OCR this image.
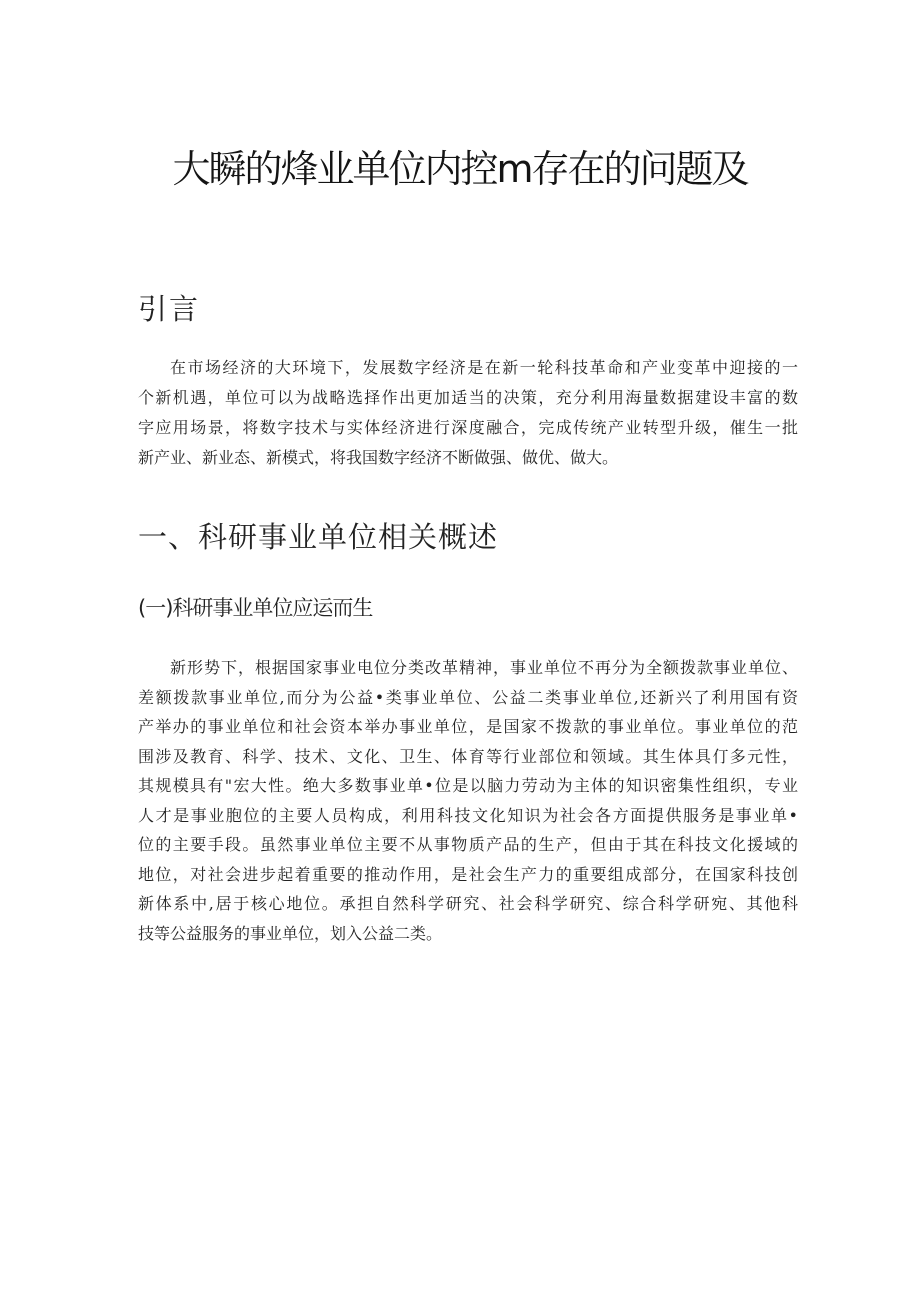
大瞬的烽业单位内控m存在的问题及
引言
在市场经济的大环境下，发展数字经济是在新一轮科技革命和产业变革中迎接的一
个新机遇，单位可以为战略选择作出更加适当的决策，充分利用海量数据建设丰富的数
字应用场景，将数字技术与实体经济进行深度融合，完成传统产业转型升级，催生一批
新产业、新业态、新模式，将我国数字经济不断做强、做优、做大。
一、科研事业单位相关概述
(一)科研事业单位应运而生
新形势下，根据国家事业电位分类改革精神，事业单位不再分为全额拨款事业单位、
差额拨款事业单位,而分为公益•类事业单位、公益二类事业单位,还新兴了利用国有资
产举办的事业单位和社会资本举办事业单位，是国家不拨款的事业单位。事业单位的范
围涉及教育、科学、技术、文化、卫生、体育等行业部位和领域。其生体具仃多元性，
其规模具有"宏大性。绝大多数事业单•位是以脑力劳动为主体的知识密集性组织，专业
人才是事业胞位的主要人员构成，利用科技文化知识为社会各方面提供服务是事业单•
位的主要手段。虽然事业单位主要不从事物质产品的生产，但由于其在科技文化援域的
地位，对社会进步起着重要的推动作用，是社会生产力的重要组成部分，在国家科技创
新体系中,居于核心地位。承担自然科学研究、社会科学研究、综合科学研宛、其他科
技等公益服务的事业单位，划入公益二类。
